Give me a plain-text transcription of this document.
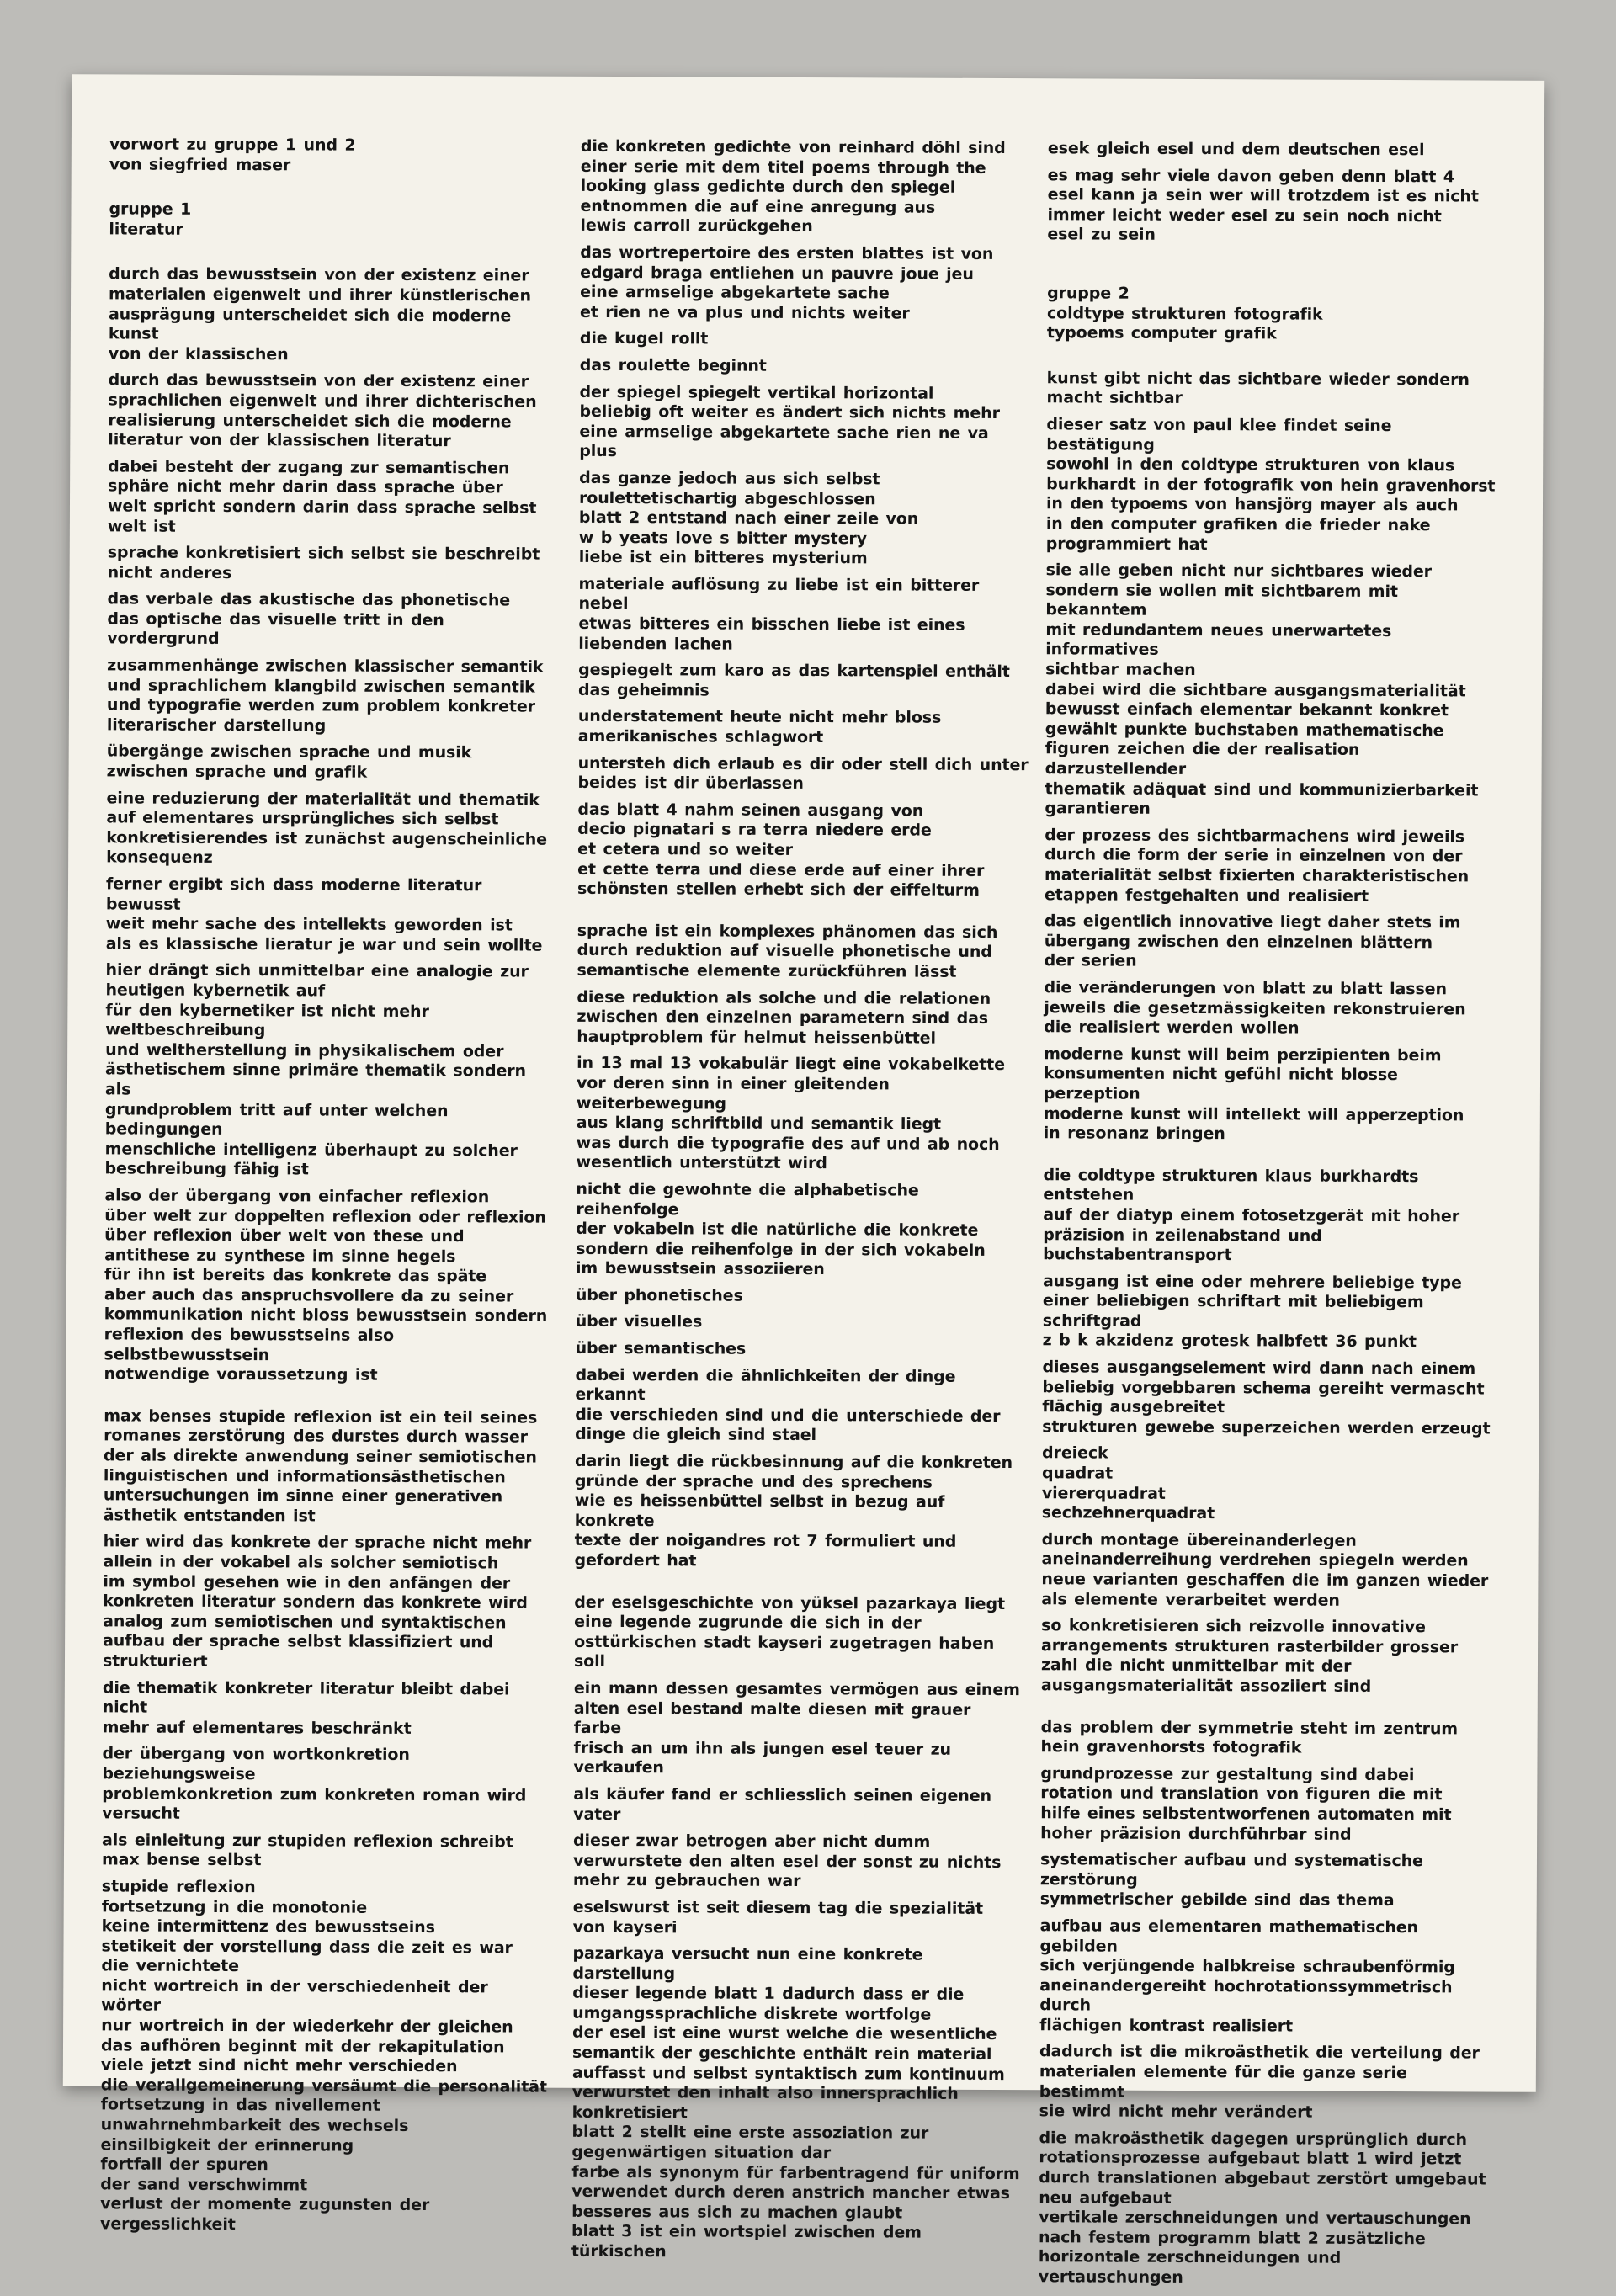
vorwort zu gruppe 1 und 2
von siegfried maser
gruppe 1
literatur
durch das bewusstsein von der existenz einer
materialen eigenwelt und ihrer künstlerischen
ausprägung unterscheidet sich die moderne kunst
von der klassischen
durch das bewusstsein von der existenz einer
sprachlichen eigenwelt und ihrer dichterischen
realisierung unterscheidet sich die moderne
literatur von der klassischen literatur
dabei besteht der zugang zur semantischen
sphäre nicht mehr darin dass sprache über
welt spricht sondern darin dass sprache selbst
welt ist
sprache konkretisiert sich selbst sie beschreibt
nicht anderes
das verbale das akustische das phonetische
das optische das visuelle tritt in den vordergrund
zusammenhänge zwischen klassischer semantik
und sprachlichem klangbild zwischen semantik
und typografie werden zum problem konkreter
literarischer darstellung
übergänge zwischen sprache und musik
zwischen sprache und grafik
eine reduzierung der materialität und thematik
auf elementares ursprüngliches sich selbst
konkretisierendes ist zunächst augenscheinliche
konsequenz
ferner ergibt sich dass moderne literatur bewusst
weit mehr sache des intellekts geworden ist
als es klassische lieratur je war und sein wollte
hier drängt sich unmittelbar eine analogie zur
heutigen kybernetik auf
für den kybernetiker ist nicht mehr weltbeschreibung
und weltherstellung in physikalischem oder
ästhetischem sinne primäre thematik sondern als
grundproblem tritt auf unter welchen bedingungen
menschliche intelligenz überhaupt zu solcher
beschreibung fähig ist
also der übergang von einfacher reflexion
über welt zur doppelten reflexion oder reflexion
über reflexion über welt von these und
antithese zu synthese im sinne hegels
für ihn ist bereits das konkrete das späte
aber auch das anspruchsvollere da zu seiner
kommunikation nicht bloss bewusstsein sondern
reflexion des bewusstseins also selbstbewusstsein
notwendige voraussetzung ist
max benses stupide reflexion ist ein teil seines
romanes zerstörung des durstes durch wasser
der als direkte anwendung seiner semiotischen
linguistischen und informationsästhetischen
untersuchungen im sinne einer generativen
ästhetik entstanden ist
hier wird das konkrete der sprache nicht mehr
allein in der vokabel als solcher semiotisch
im symbol gesehen wie in den anfängen der
konkreten literatur sondern das konkrete wird
analog zum semiotischen und syntaktischen
aufbau der sprache selbst klassifiziert und
strukturiert
die thematik konkreter literatur bleibt dabei nicht
mehr auf elementares beschränkt
der übergang von wortkonkretion beziehungsweise
problemkonkretion zum konkreten roman wird
versucht
als einleitung zur stupiden reflexion schreibt
max bense selbst
stupide reflexion
fortsetzung in die monotonie
keine intermittenz des bewusstseins
stetikeit der vorstellung dass die zeit es war
die vernichtete
nicht wortreich in der verschiedenheit der wörter
nur wortreich in der wiederkehr der gleichen
das aufhören beginnt mit der rekapitulation
viele jetzt sind nicht mehr verschieden
die verallgemeinerung versäumt die personalität
fortsetzung in das nivellement
unwahrnehmbarkeit des wechsels
einsilbigkeit der erinnerung
fortfall der spuren
der sand verschwimmt
verlust der momente zugunsten der vergesslichkeit
die konkreten gedichte von reinhard döhl sind
einer serie mit dem titel poems through the
looking glass gedichte durch den spiegel
entnommen die auf eine anregung aus
lewis carroll zurückgehen
das wortrepertoire des ersten blattes ist von
edgard braga entliehen un pauvre joue jeu
eine armselige abgekartete sache
et rien ne va plus und nichts weiter
die kugel rollt
das roulette beginnt
der spiegel spiegelt vertikal horizontal
beliebig oft weiter es ändert sich nichts mehr
eine armselige abgekartete sache rien ne va plus
das ganze jedoch aus sich selbst
roulettetischartig abgeschlossen
blatt 2 entstand nach einer zeile von
w b yeats love s bitter mystery
liebe ist ein bitteres mysterium
materiale auflösung zu liebe ist ein bitterer nebel
etwas bitteres ein bisschen liebe ist eines
liebenden lachen
gespiegelt zum karo as das kartenspiel enthält
das geheimnis
understatement heute nicht mehr bloss
amerikanisches schlagwort
untersteh dich erlaub es dir oder stell dich unter
beides ist dir überlassen
das blatt 4 nahm seinen ausgang von
decio pignatari s ra terra niedere erde
et cetera und so weiter
et cette terra und diese erde auf einer ihrer
schönsten stellen erhebt sich der eiffelturm
sprache ist ein komplexes phänomen das sich
durch reduktion auf visuelle phonetische und
semantische elemente zurückführen lässt
diese reduktion als solche und die relationen
zwischen den einzelnen parametern sind das
hauptproblem für helmut heissenbüttel
in 13 mal 13 vokabulär liegt eine vokabelkette
vor deren sinn in einer gleitenden weiterbewegung
aus klang schriftbild und semantik liegt
was durch die typografie des auf und ab noch
wesentlich unterstützt wird
nicht die gewohnte die alphabetische reihenfolge
der vokabeln ist die natürliche die konkrete
sondern die reihenfolge in der sich vokabeln
im bewusstsein assoziieren
über phonetisches
über visuelles
über semantisches
dabei werden die ähnlichkeiten der dinge erkannt
die verschieden sind und die unterschiede der
dinge die gleich sind stael
darin liegt die rückbesinnung auf die konkreten
gründe der sprache und des sprechens
wie es heissenbüttel selbst in bezug auf konkrete
texte der noigandres rot 7 formuliert und
gefordert hat
der eselsgeschichte von yüksel pazarkaya liegt
eine legende zugrunde die sich in der
osttürkischen stadt kayseri zugetragen haben soll
ein mann dessen gesamtes vermögen aus einem
alten esel bestand malte diesen mit grauer farbe
frisch an um ihn als jungen esel teuer zu verkaufen
als käufer fand er schliesslich seinen eigenen vater
dieser zwar betrogen aber nicht dumm
verwurstete den alten esel der sonst zu nichts
mehr zu gebrauchen war
eselswurst ist seit diesem tag die spezialität
von kayseri
pazarkaya versucht nun eine konkrete darstellung
dieser legende blatt 1 dadurch dass er die
umgangssprachliche diskrete wortfolge
der esel ist eine wurst welche die wesentliche
semantik der geschichte enthält rein material
auffasst und selbst syntaktisch zum kontinuum
verwurstet den inhalt also innersprachlich
konkretisiert
blatt 2 stellt eine erste assoziation zur
gegenwärtigen situation dar
farbe als synonym für farbentragend für uniform
verwendet durch deren anstrich mancher etwas
besseres aus sich zu machen glaubt
blatt 3 ist ein wortspiel zwischen dem türkischen
esek gleich esel und dem deutschen esel
es mag sehr viele davon geben denn blatt 4
esel kann ja sein wer will trotzdem ist es nicht
immer leicht weder esel zu sein noch nicht
esel zu sein
gruppe 2
coldtype strukturen fotografik
typoems computer grafik
kunst gibt nicht das sichtbare wieder sondern
macht sichtbar
dieser satz von paul klee findet seine bestätigung
sowohl in den coldtype strukturen von klaus
burkhardt in der fotografik von hein gravenhorst
in den typoems von hansjörg mayer als auch
in den computer grafiken die frieder nake
programmiert hat
sie alle geben nicht nur sichtbares wieder
sondern sie wollen mit sichtbarem mit bekanntem
mit redundantem neues unerwartetes informatives
sichtbar machen
dabei wird die sichtbare ausgangsmaterialität
bewusst einfach elementar bekannt konkret
gewählt punkte buchstaben mathematische
figuren zeichen die der realisation darzustellender
thematik adäquat sind und kommunizierbarkeit
garantieren
der prozess des sichtbarmachens wird jeweils
durch die form der serie in einzelnen von der
materialität selbst fixierten charakteristischen
etappen festgehalten und realisiert
das eigentlich innovative liegt daher stets im
übergang zwischen den einzelnen blättern
der serien
die veränderungen von blatt zu blatt lassen
jeweils die gesetzmässigkeiten rekonstruieren
die realisiert werden wollen
moderne kunst will beim perzipienten beim
konsumenten nicht gefühl nicht blosse perzeption
moderne kunst will intellekt will apperzeption
in resonanz bringen
die coldtype strukturen klaus burkhardts entstehen
auf der diatyp einem fotosetzgerät mit hoher
präzision in zeilenabstand und buchstabentransport
ausgang ist eine oder mehrere beliebige type
einer beliebigen schriftart mit beliebigem schriftgrad
z b k akzidenz grotesk halbfett 36 punkt
dieses ausgangselement wird dann nach einem
beliebig vorgebbaren schema gereiht vermascht
flächig ausgebreitet
strukturen gewebe superzeichen werden erzeugt
dreieck
quadrat
viererquadrat
sechzehnerquadrat
durch montage übereinanderlegen
aneinanderreihung verdrehen spiegeln werden
neue varianten geschaffen die im ganzen wieder
als elemente verarbeitet werden
so konkretisieren sich reizvolle innovative
arrangements strukturen rasterbilder grosser
zahl die nicht unmittelbar mit der
ausgangsmaterialität assoziiert sind
das problem der symmetrie steht im zentrum
hein gravenhorsts fotografik
grundprozesse zur gestaltung sind dabei
rotation und translation von figuren die mit
hilfe eines selbstentworfenen automaten mit
hoher präzision durchführbar sind
systematischer aufbau und systematische zerstörung
symmetrischer gebilde sind das thema
aufbau aus elementaren mathematischen gebilden
sich verjüngende halbkreise schraubenförmig
aneinandergereiht hochrotationssymmetrisch durch
flächigen kontrast realisiert
dadurch ist die mikroästhetik die verteilung der
materialen elemente für die ganze serie bestimmt
sie wird nicht mehr verändert
die makroästhetik dagegen ursprünglich durch
rotationsprozesse aufgebaut blatt 1 wird jetzt
durch translationen abgebaut zerstört umgebaut
neu aufgebaut
vertikale zerschneidungen und vertauschungen
nach festem programm blatt 2 zusätzliche
horizontale zerschneidungen und vertauschungen
